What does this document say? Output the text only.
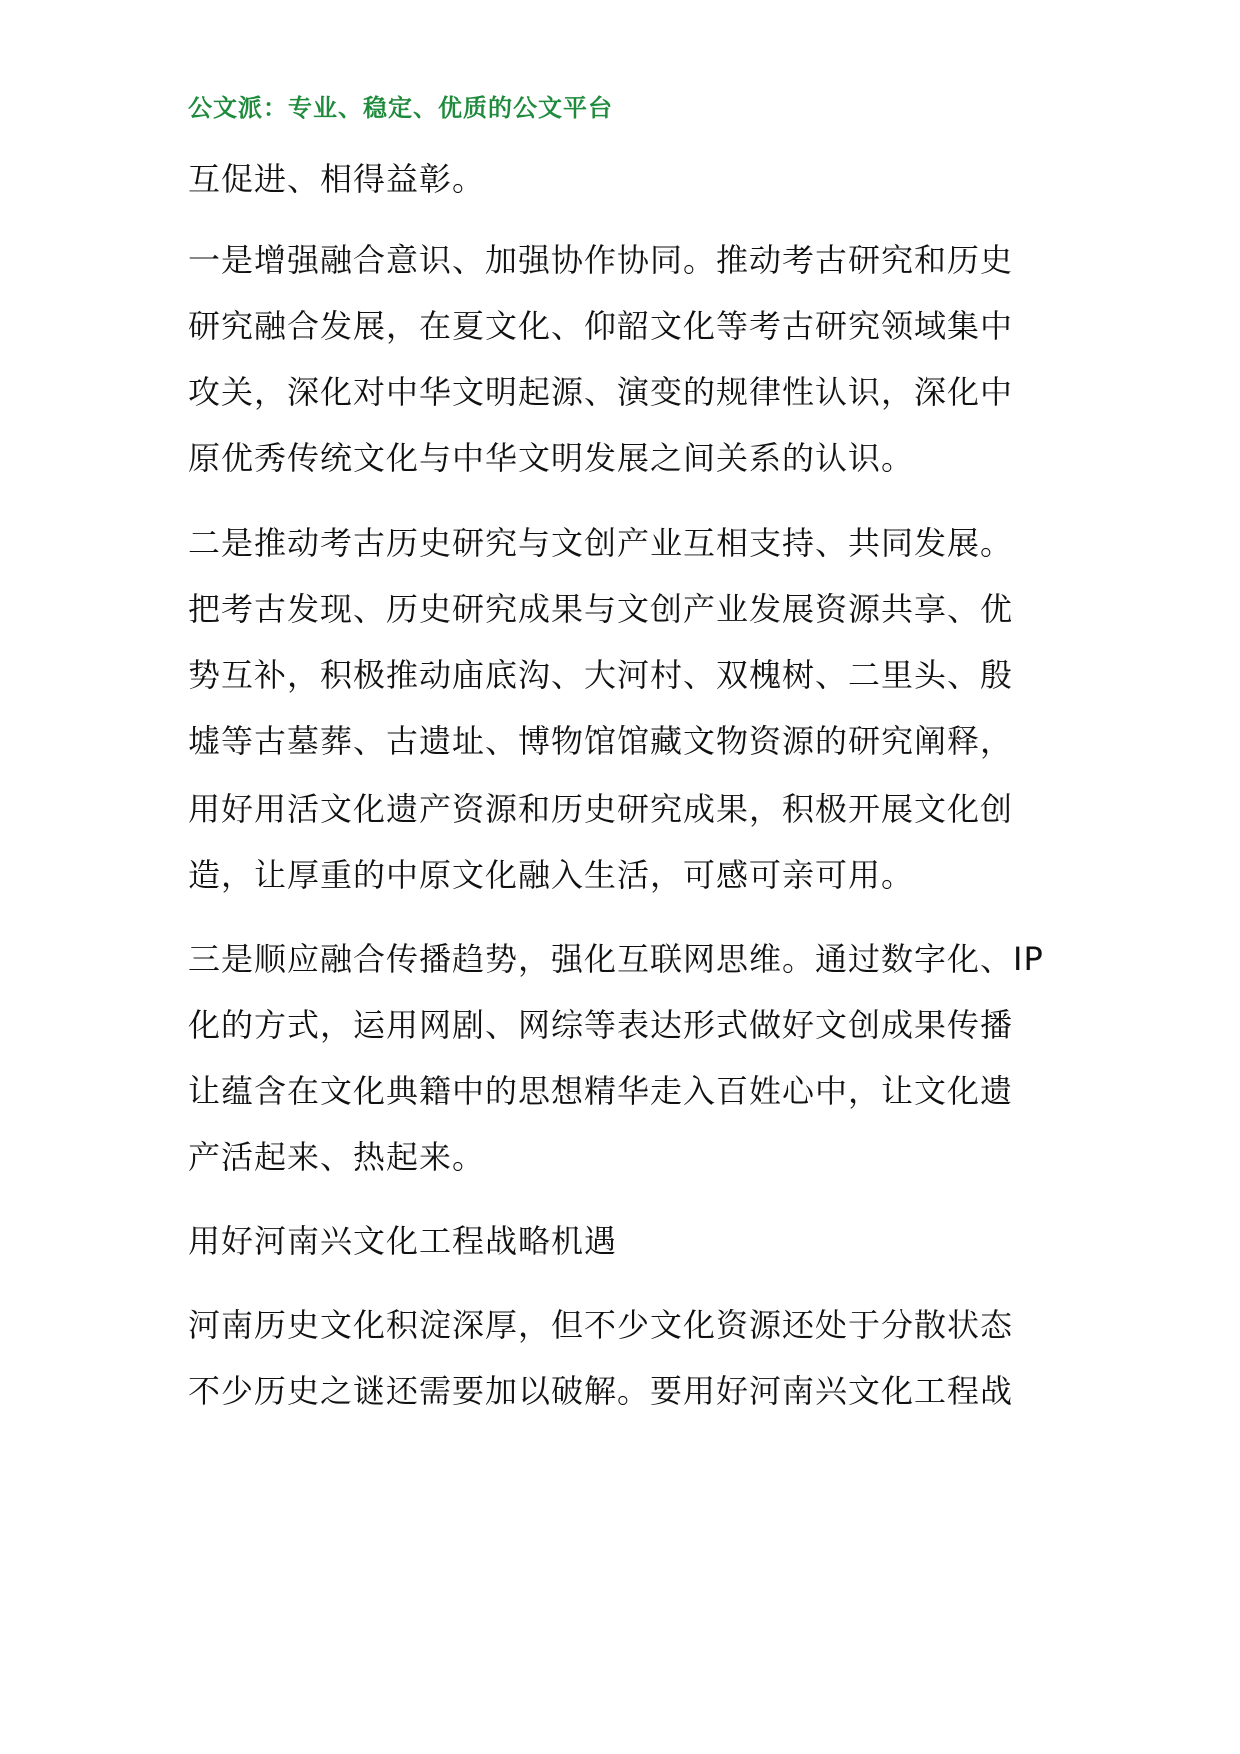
公文派：专业、稳定、优质的公文平台
互促进、相得益彰。
一是增强融合意识、加强协作协同。推动考古研究和历史
研究融合发展，在夏文化、仰韶文化等考古研究领域集中
攻关，深化对中华文明起源、演变的规律性认识，深化中
原优秀传统文化与中华文明发展之间关系的认识。
二是推动考古历史研究与文创产业互相支持、共同发展。
把考古发现、历史研究成果与文创产业发展资源共享、优
势互补，积极推动庙底沟、大河村、双槐树、二里头、殷
墟等古墓葬、古遗址、博物馆馆藏文物资源的研究阐释，
用好用活文化遗产资源和历史研究成果，积极开展文化创
造，让厚重的中原文化融入生活，可感可亲可用。
三是顺应融合传播趋势，强化互联网思维。通过数字化、IP
化的方式，运用网剧、网综等表达形式做好文创成果传播
让蕴含在文化典籍中的思想精华走入百姓心中，让文化遗
产活起来、热起来。
用好河南兴文化工程战略机遇
河南历史文化积淀深厚，但不少文化资源还处于分散状态
不少历史之谜还需要加以破解。要用好河南兴文化工程战
